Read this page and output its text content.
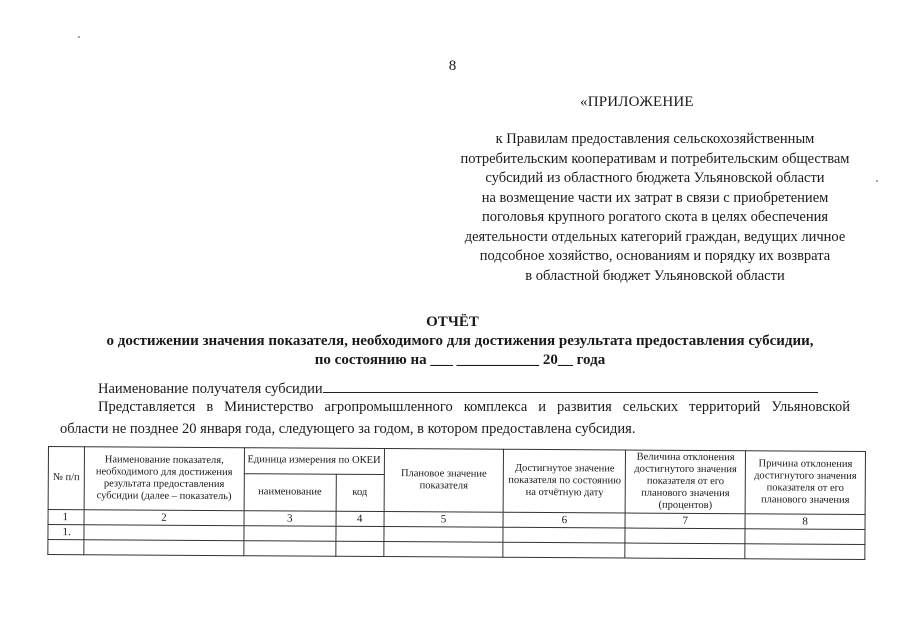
8
«ПРИЛОЖЕНИЕ
к Правилам предоставления сельскохозяйственным
потребительским кооперативам и потребительским обществам
субсидий из областного бюджета Ульяновской области
на возмещение части их затрат в связи с приобретением
поголовья крупного рогатого скота в целях обеспечения
деятельности отдельных категорий граждан, ведущих личное
подсобное хозяйство, основаниям и порядку их возврата
в областной бюджет Ульяновской области
ОТЧЁТ
о достижении значения показателя, необходимого для достижения результата предоставления субсидии,
по состоянию на ___ ___________ 20__ года
Наименование получателя субсидии
Представляется в Министерство агропромышленного комплекса и развития сельских территорий Ульяновской
области не позднее 20 января года, следующего за годом, в котором предоставлена субсидия.
№ п/п	Наименование показателя, необходимого для достижения результата предоставления субсидии (далее – показатель)	Единица измерения по ОКЕИ		Плановое значение показателя	Достигнутое значение показателя по состоянию на отчётную дату	Величина отклонения достигнутого значения показателя от его планового значения (процентов)	Причина отклонения достигнутого значения показателя от его планового значения
		наименование	код				
1	2	3	4	5	6	7	8
1.							
